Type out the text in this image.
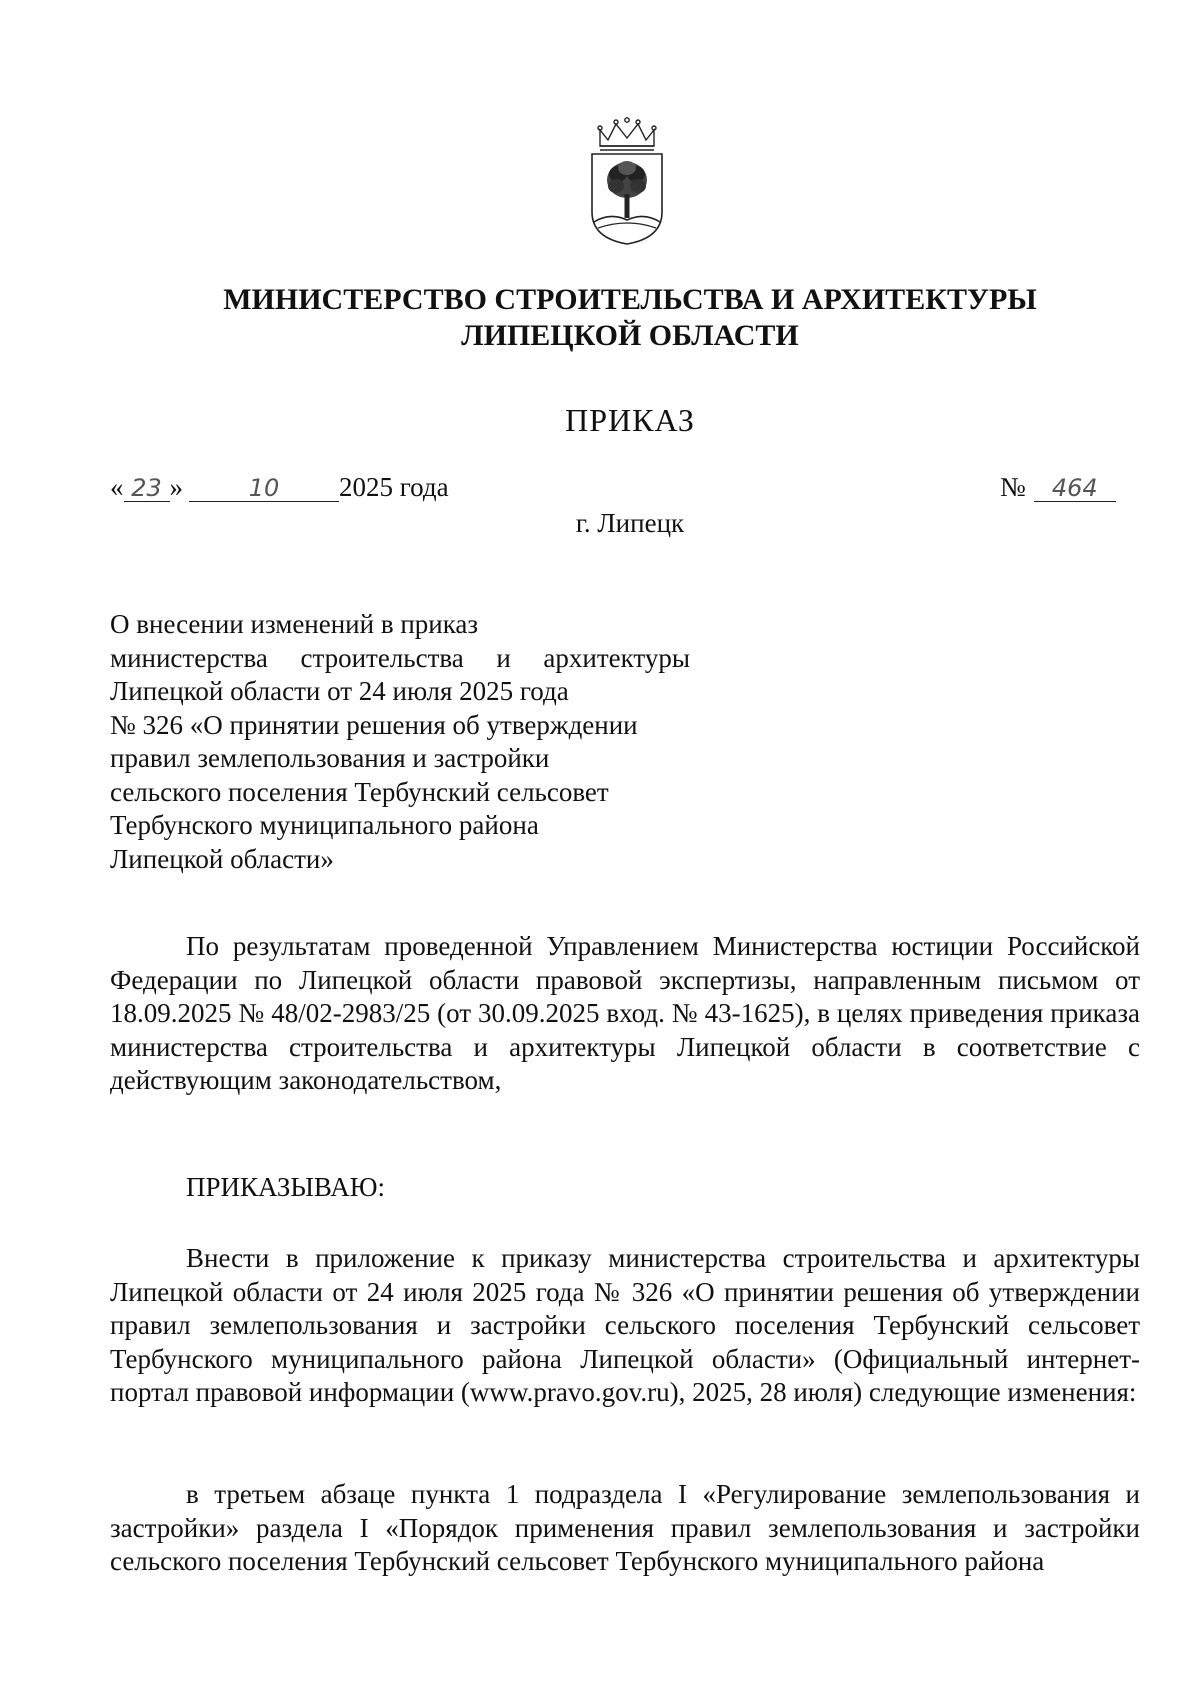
МИНИСТЕРСТВО СТРОИТЕЛЬСТВА И АРХИТЕКТУРЫ
ЛИПЕЦКОЙ ОБЛАСТИ
ПРИКАЗ
« 23 »	10 2025 года	№ 464
г. Липецк
О внесении изменений в приказ
министерства строительства и архитектуры
Липецкой области от 24 июля 2025 года
№ 326 «О принятии решения об утверждении
правил землепользования и застройки
сельского поселения Тербунский сельсовет
Тербунского муниципального района
Липецкой области»

По результатам проведенной Управлением Министерства юстиции Российской Федерации по Липецкой области правовой экспертизы, направленным письмом от 18.09.2025 № 48/02-2983/25 (от 30.09.2025 вход. № 43-1625), в целях приведения приказа министерства строительства и архитектуры Липецкой области в соответствие с действующим законодательством,

ПРИКАЗЫВАЮ:

Внести в приложение к приказу министерства строительства и архитектуры Липецкой области от 24 июля 2025 года № 326 «О принятии решения об утверждении правил землепользования и застройки сельского поселения Тербунский сельсовет Тербунского муниципального района Липецкой области» (Официальный интернет-портал правовой информации (www.pravo.gov.ru), 2025, 28 июля) следующие изменения:

в третьем абзаце пункта 1 подраздела I «Регулирование землепользования и застройки» раздела I «Порядок применения правил землепользования и застройки сельского поселения Тербунский сельсовет Тербунского муниципального района
